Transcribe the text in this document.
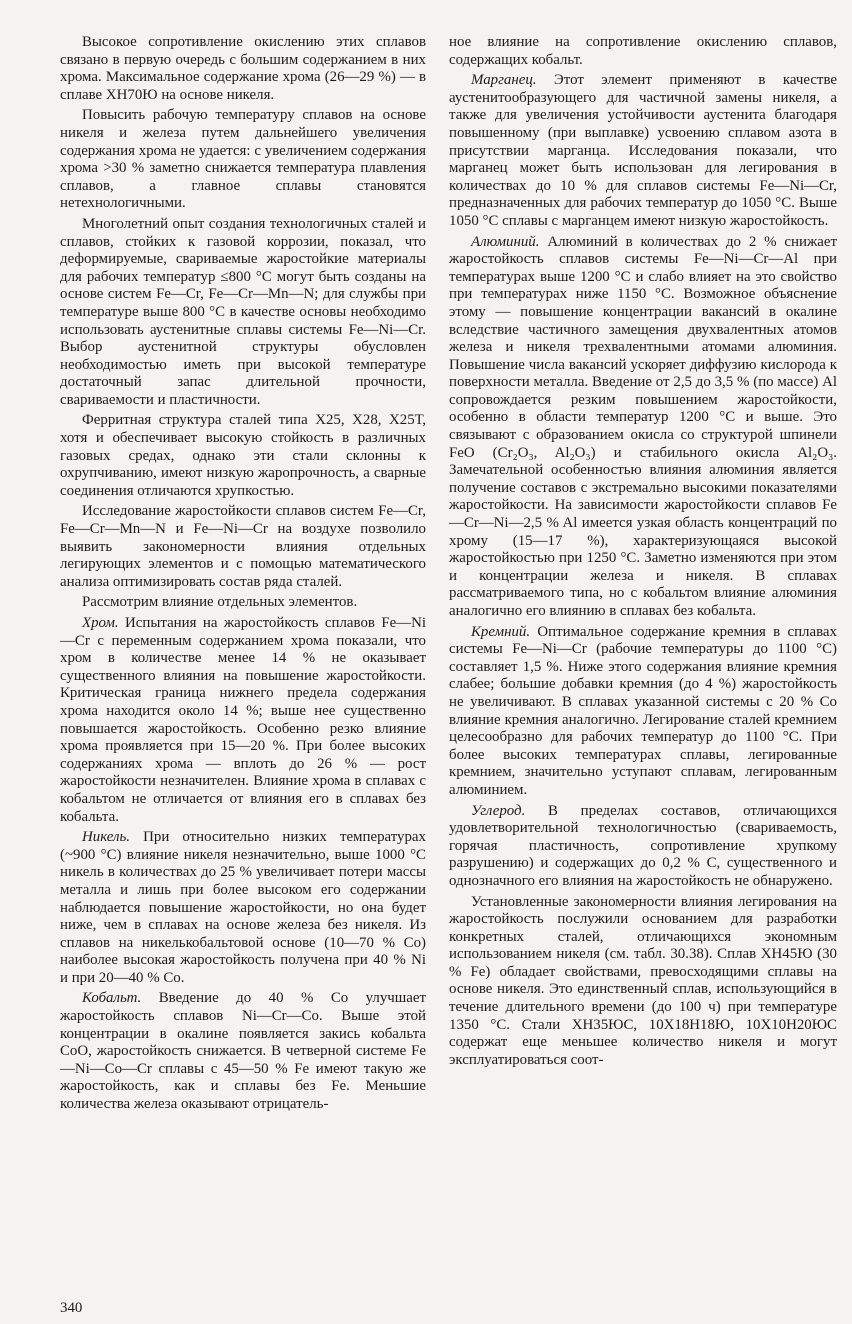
Высокое сопротивление окислению этих сплавов связано в первую очередь с большим содержанием в них хрома. Максимальное содержание хрома (26—29 %) — в сплаве ХН70Ю на основе никеля.

Повысить рабочую температуру сплавов на основе никеля и железа путем дальнейшего увеличения содержания хрома не удается: с увеличением содержания хрома >30 % заметно снижается температура плавления сплавов, а главное сплавы становятся нетехнологичными.

Многолетний опыт создания технологичных сталей и сплавов, стойких к газовой коррозии, показал, что деформируемые, свариваемые жаростойкие материалы для рабочих температур ≤800 °С могут быть созданы на основе систем Fe—Cr, Fe—Cr—Mn—N; для службы при температуре выше 800 °С в качестве основы необходимо использовать аустенитные сплавы системы Fe—Ni—Cr. Выбор аустенитной структуры обусловлен необходимостью иметь при высокой температуре достаточный запас длительной прочности, свариваемости и пластичности.

Ферритная структура сталей типа Х25, Х28, Х25Т, хотя и обеспечивает высокую стойкость в различных газовых средах, однако эти стали склонны к охрупчиванию, имеют низкую жаропрочность, а сварные соединения отличаются хрупкостью.

Исследование жаростойкости сплавов систем Fe—Cr, Fe—Cr—Mn—N и Fe—Ni—Cr на воздухе позволило выявить закономерности влияния отдельных легирующих элементов и с помощью математического анализа оптимизировать состав ряда сталей.

Рассмотрим влияние отдельных элементов.

Хром. Испытания на жаростойкость сплавов Fe—Ni—Cr с переменным содержанием хрома показали, что хром в количестве менее 14 % не оказывает существенного влияния на повышение жаростойкости. Критическая граница нижнего предела содержания хрома находится около 14 %; выше нее существенно повышается жаростойкость. Особенно резко влияние хрома проявляется при 15—20 %. При более высоких содержаниях хрома — вплоть до 26 % — рост жаростойкости незначителен. Влияние хрома в сплавах с кобальтом не отличается от влияния его в сплавах без кобальта.

Никель. При относительно низких температурах (~900 °С) влияние никеля незначительно, выше 1000 °С никель в количествах до 25 % увеличивает потери массы металла и лишь при более высоком его содержании наблюдается повышение жаростойкости, но она будет ниже, чем в сплавах на основе железа без никеля. Из сплавов на никелькобальтовой основе (10—70 % Co) наиболее высокая жаростойкость получена при 40 % Ni и при 20—40 % Co.

Кобальт. Введение до 40 % Co улучшает жаростойкость сплавов Ni—Cr—Co. Выше этой концентрации в окалине появляется закись кобальта CoO, жаростойкость снижается. В четверной системе Fe—Ni—Co—Cr сплавы с 45—50 % Fe имеют такую же жаростойкость, как и сплавы без Fe. Меньшие количества железа оказывают отрицатель-

ное влияние на сопротивление окислению сплавов, содержащих кобальт.

Марганец. Этот элемент применяют в качестве аустенитообразующего для частичной замены никеля, а также для увеличения устойчивости аустенита благодаря повышенному (при выплавке) усвоению сплавом азота в присутствии марганца. Исследования показали, что марганец может быть использован для легирования в количествах до 10 % для сплавов системы Fe—Ni—Cr, предназначенных для рабочих температур до 1050 °С. Выше 1050 °С сплавы с марганцем имеют низкую жаростойкость.

Алюминий. Алюминий в количествах до 2 % снижает жаростойкость сплавов системы Fe—Ni—Cr—Al при температурах выше 1200 °С и слабо влияет на это свойство при температурах ниже 1150 °С. Возможное объяснение этому — повышение концентрации вакансий в окалине вследствие частичного замещения двухвалентных атомов железа и никеля трехвалентными атомами алюминия. Повышение числа вакансий ускоряет диффузию кислорода к поверхности металла. Введение от 2,5 до 3,5 % (по массе) Al сопровождается резким повышением жаростойкости, особенно в области температур 1200 °С и выше. Это связывают с образованием окисла со структурой шпинели FeO (Cr₂O₃, Al₂O₃) и стабильного окисла Al₂O₃. Замечательной особенностью влияния алюминия является получение составов с экстремально высокими показателями жаростойкости. На зависимости жаростойкости сплавов Fe—Cr—Ni—2,5 % Al имеется узкая область концентраций по хрому (15—17 %), характеризующаяся высокой жаростойкостью при 1250 °С. Заметно изменяются при этом и концентрации железа и никеля. В сплавах рассматриваемого типа, но с кобальтом влияние алюминия аналогично его влиянию в сплавах без кобальта.

Кремний. Оптимальное содержание кремния в сплавах системы Fe—Ni—Cr (рабочие температуры до 1100 °С) составляет 1,5 %. Ниже этого содержания влияние кремния слабее; большие добавки кремния (до 4 %) жаростойкость не увеличивают. В сплавах указанной системы с 20 % Co влияние кремния аналогично. Легирование сталей кремнием целесообразно для рабочих температур до 1100 °С. При более высоких температурах сплавы, легированные кремнием, значительно уступают сплавам, легированным алюминием.

Углерод. В пределах составов, отличающихся удовлетворительной технологичностью (свариваемость, горячая пластичность, сопротивление хрупкому разрушению) и содержащих до 0,2 % С, существенного и однозначного его влияния на жаростойкость не обнаружено.

Установленные закономерности влияния легирования на жаростойкость послужили основанием для разработки конкретных сталей, отличающихся экономным использованием никеля (см. табл. 30.38). Сплав ХН45Ю (30 % Fe) обладает свойствами, превосходящими сплавы на основе никеля. Это единственный сплав, использующийся в течение длительного времени (до 100 ч) при температуре 1350 °С. Стали ХН35ЮС, 10Х18Н18Ю, 10Х10Н20ЮС содержат еще меньшее количество никеля и могут эксплуатироваться соот-

340
